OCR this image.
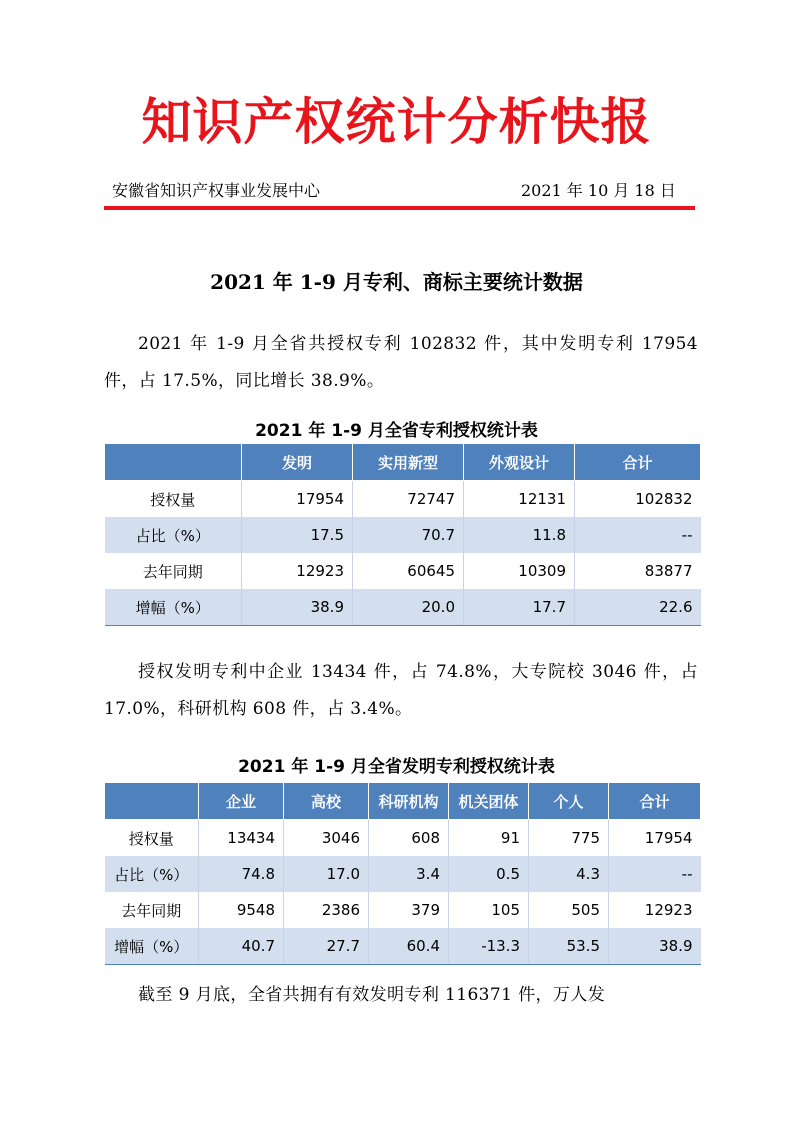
知识产权统计分析快报
安徽省知识产权事业发展中心	2021 年 10 月 18 日
2021 年 1-9 月专利、商标主要统计数据
2021 年 1-9 月全省共授权专利 102832 件，其中发明专利 17954 件，占 17.5%，同比增长 38.9%。
2021 年 1-9 月全省专利授权统计表
	发明	实用新型	外观设计	合计
授权量	17954	72747	12131	102832
占比（%）	17.5	70.7	11.8	--
去年同期	12923	60645	10309	83877
增幅（%）	38.9	20.0	17.7	22.6
授权发明专利中企业 13434 件，占 74.8%，大专院校 3046 件，占 17.0%，科研机构 608 件，占 3.4%。
2021 年 1-9 月全省发明专利授权统计表
	企业	高校	科研机构	机关团体	个人	合计
授权量	13434	3046	608	91	775	17954
占比（%）	74.8	17.0	3.4	0.5	4.3	--
去年同期	9548	2386	379	105	505	12923
增幅（%）	40.7	27.7	60.4	-13.3	53.5	38.9
截至 9 月底，全省共拥有有效发明专利 116371 件，万人发
